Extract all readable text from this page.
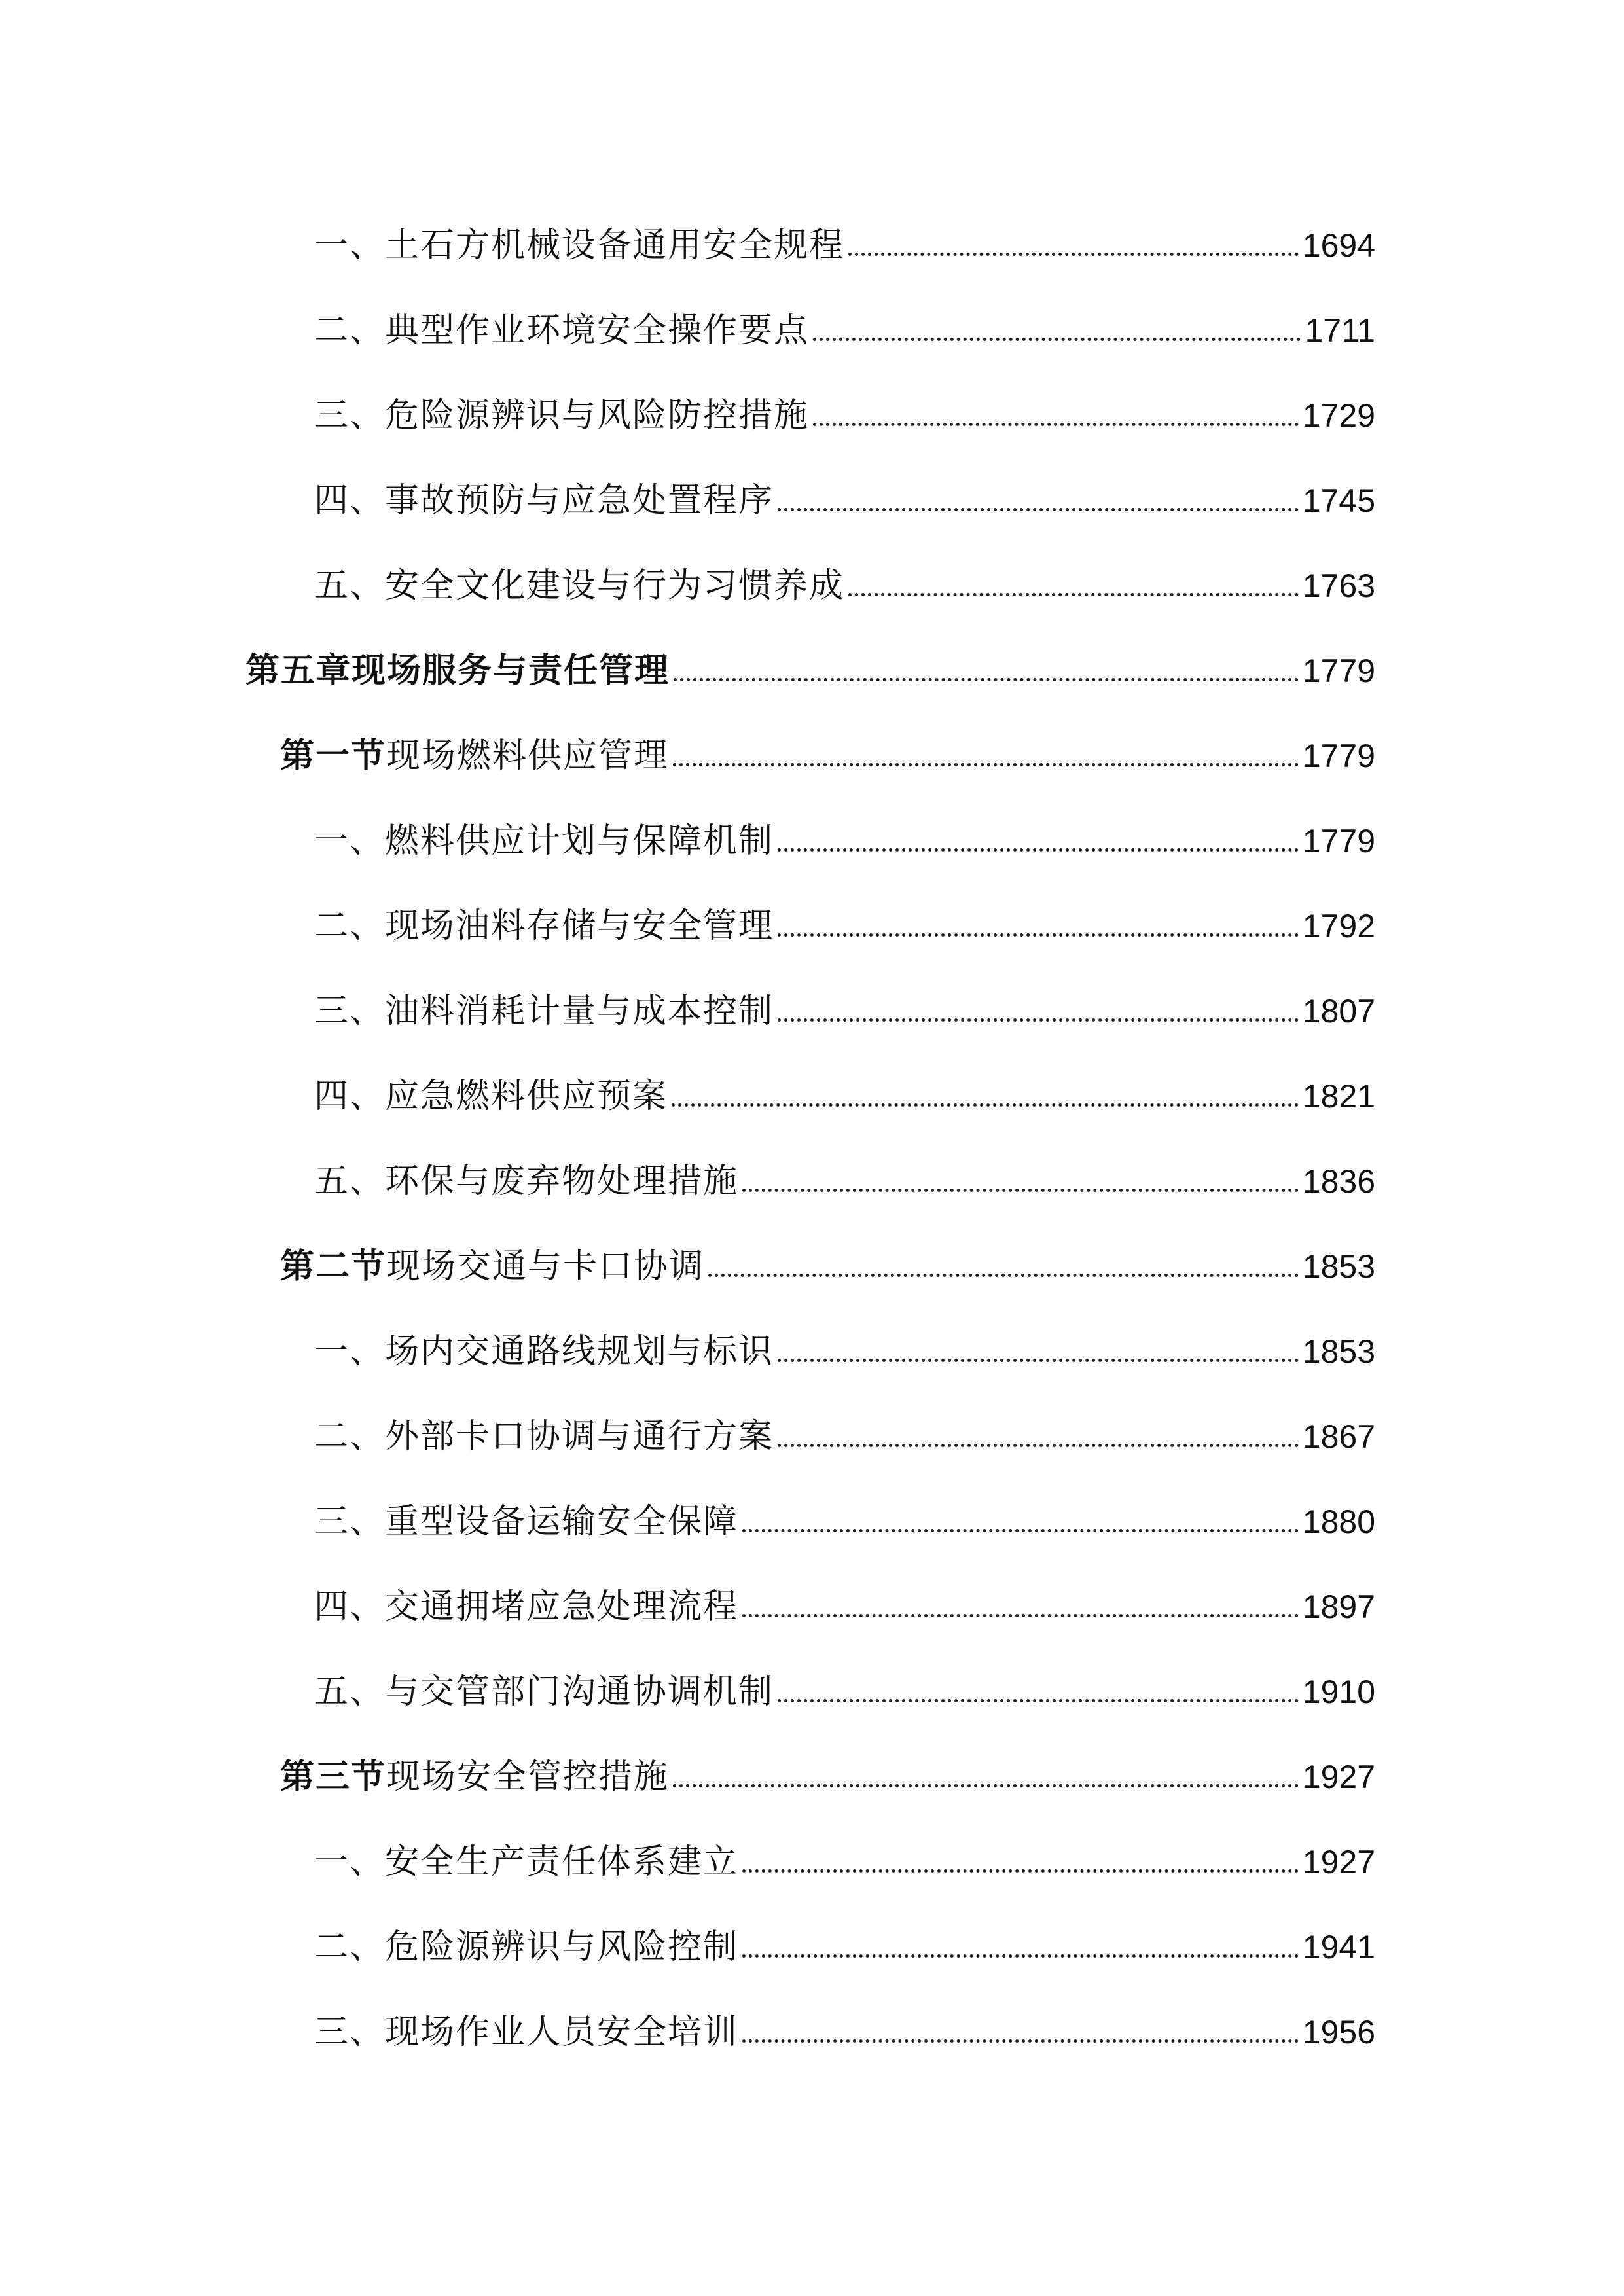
一、土石方机械设备通用安全规程	1694
二、典型作业环境安全操作要点	1711
三、危险源辨识与风险防控措施	1729
四、事故预防与应急处置程序	1745
五、安全文化建设与行为习惯养成	1763
第五章现场服务与责任管理	1779
第一节现场燃料供应管理	1779
一、燃料供应计划与保障机制	1779
二、现场油料存储与安全管理	1792
三、油料消耗计量与成本控制	1807
四、应急燃料供应预案	1821
五、环保与废弃物处理措施	1836
第二节现场交通与卡口协调	1853
一、场内交通路线规划与标识	1853
二、外部卡口协调与通行方案	1867
三、重型设备运输安全保障	1880
四、交通拥堵应急处理流程	1897
五、与交管部门沟通协调机制	1910
第三节现场安全管控措施	1927
一、安全生产责任体系建立	1927
二、危险源辨识与风险控制	1941
三、现场作业人员安全培训	1956
